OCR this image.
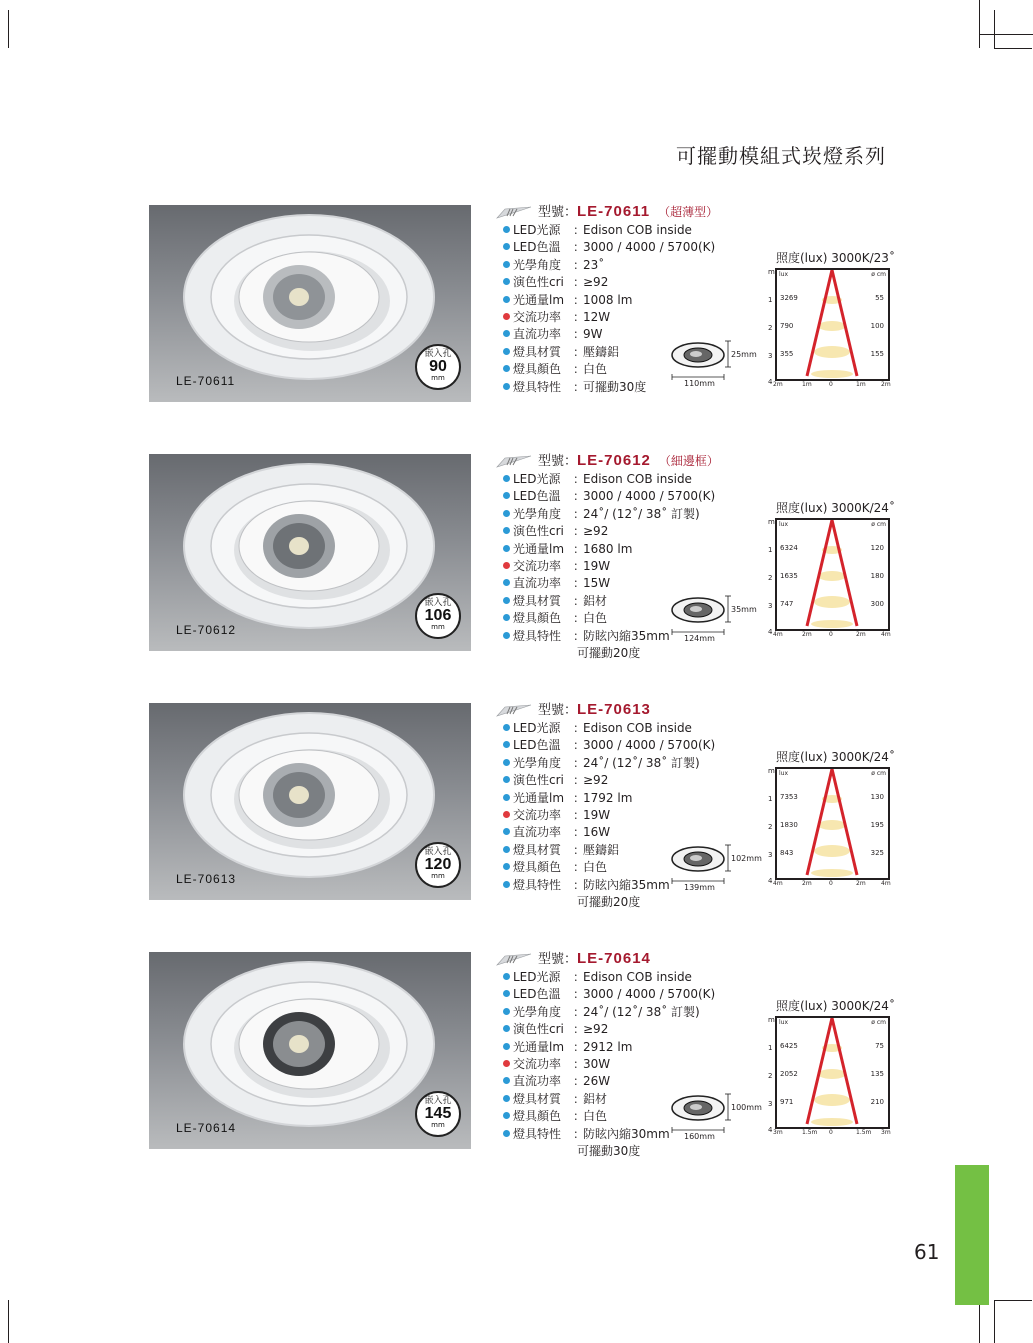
可擺動模組式崁燈系列
61
LE-70611
嵌入孔
90
mm
型號：LE-70611 （超薄型）
LED光源 ：Edison COB inside
LED色溫 ：3000 / 4000 / 5700(K)
光學角度 ：23˚
演色性cri ：≥92
光通量lm ：1008 lm
交流功率 ：12W
直流功率 ：9W
燈具材質 ：壓鑄鋁
燈具顏色 ：白色
燈具特性 ：可擺動30度
25mm
110mm
照度(lux) 3000K/23˚
lux	ø cm
3269	55
790	100
355	155
m
1
2
3
4 2m	1m	0	1m	2m
LE-70612
嵌入孔
106
mm
型號：LE-70612 （細邊框）
LED光源 ：Edison COB inside
LED色溫 ：3000 / 4000 / 5700(K)
光學角度 ：24˚/ (12˚/ 38˚ 訂製)
演色性cri ：≥92
光通量lm ：1680 lm
交流功率 ：19W
直流功率 ：15W
燈具材質 ：鋁材
燈具顏色 ：白色
燈具特性 ：防眩內縮35mm
可擺動20度
35mm
124mm
照度(lux) 3000K/24˚
lux	ø cm
6324	120
1635	180
747	300
m
1
2
3
4 4m	2m	0	2m	4m
LE-70613
嵌入孔
120
mm
型號：LE-70613
LED光源 ：Edison COB inside
LED色溫 ：3000 / 4000 / 5700(K)
光學角度 ：24˚/ (12˚/ 38˚ 訂製)
演色性cri ：≥92
光通量lm ：1792 lm
交流功率 ：19W
直流功率 ：16W
燈具材質 ：壓鑄鋁
燈具顏色 ：白色
燈具特性 ：防眩內縮35mm
可擺動20度
102mm
139mm
照度(lux) 3000K/24˚
lux	ø cm
7353	130
1830	195
843	325
m
1
2
3
4 4m	2m	0	2m	4m
LE-70614
嵌入孔
145
mm
型號：LE-70614
LED光源 ：Edison COB inside
LED色溫 ：3000 / 4000 / 5700(K)
光學角度 ：24˚/ (12˚/ 38˚ 訂製)
演色性cri ：≥92
光通量lm ：2912 lm
交流功率 ：30W
直流功率 ：26W
燈具材質 ：鋁材
燈具顏色 ：白色
燈具特性 ：防眩內縮30mm
可擺動30度
100mm
160mm
照度(lux) 3000K/24˚
lux	ø cm
6425	75
2052	135
971	210
m
1
2
3
4 3m	1.5m 0	1.5m 3m
